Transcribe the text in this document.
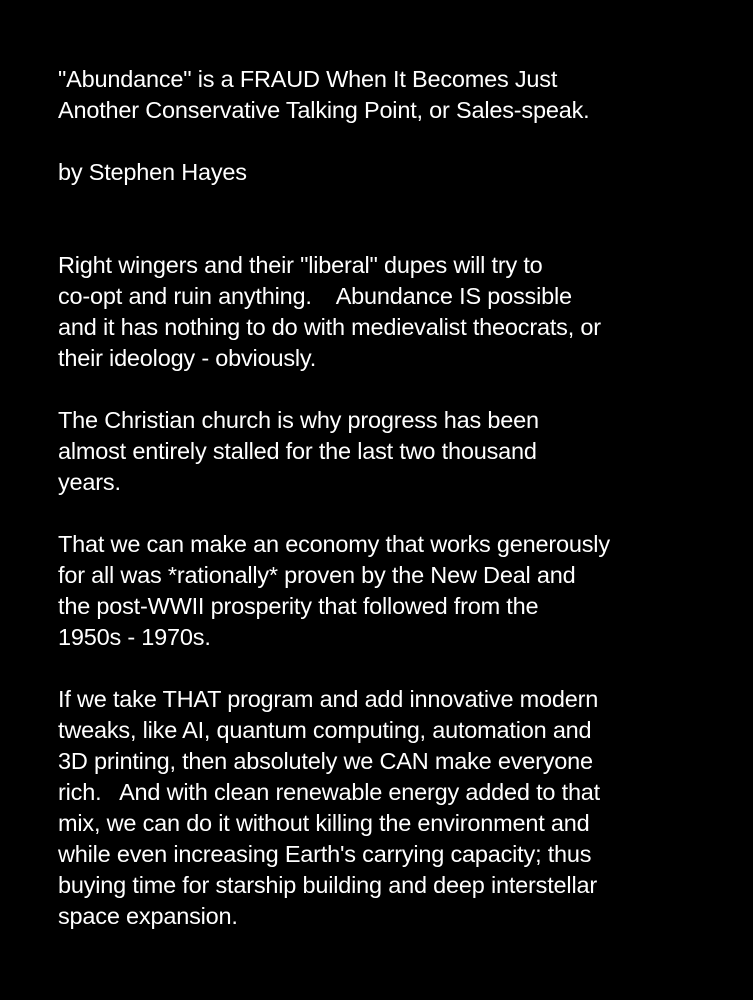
"Abundance" is a FRAUD When It Becomes Just
Another Conservative Talking Point, or Sales-speak.
by Stephen Hayes
Right wingers and their "liberal" dupes will try to
co-opt and ruin anything.    Abundance IS possible
and it has nothing to do with medievalist theocrats, or
their ideology - obviously.
The Christian church is why progress has been
almost entirely stalled for the last two thousand
years.
That we can make an economy that works generously
for all was *rationally* proven by the New Deal and
the post-WWII prosperity that followed from the
1950s - 1970s.
If we take THAT program and add innovative modern
tweaks, like AI, quantum computing, automation and
3D printing, then absolutely we CAN make everyone
rich.   And with clean renewable energy added to that
mix, we can do it without killing the environment and
while even increasing Earth's carrying capacity; thus
buying time for starship building and deep interstellar
space expansion.
